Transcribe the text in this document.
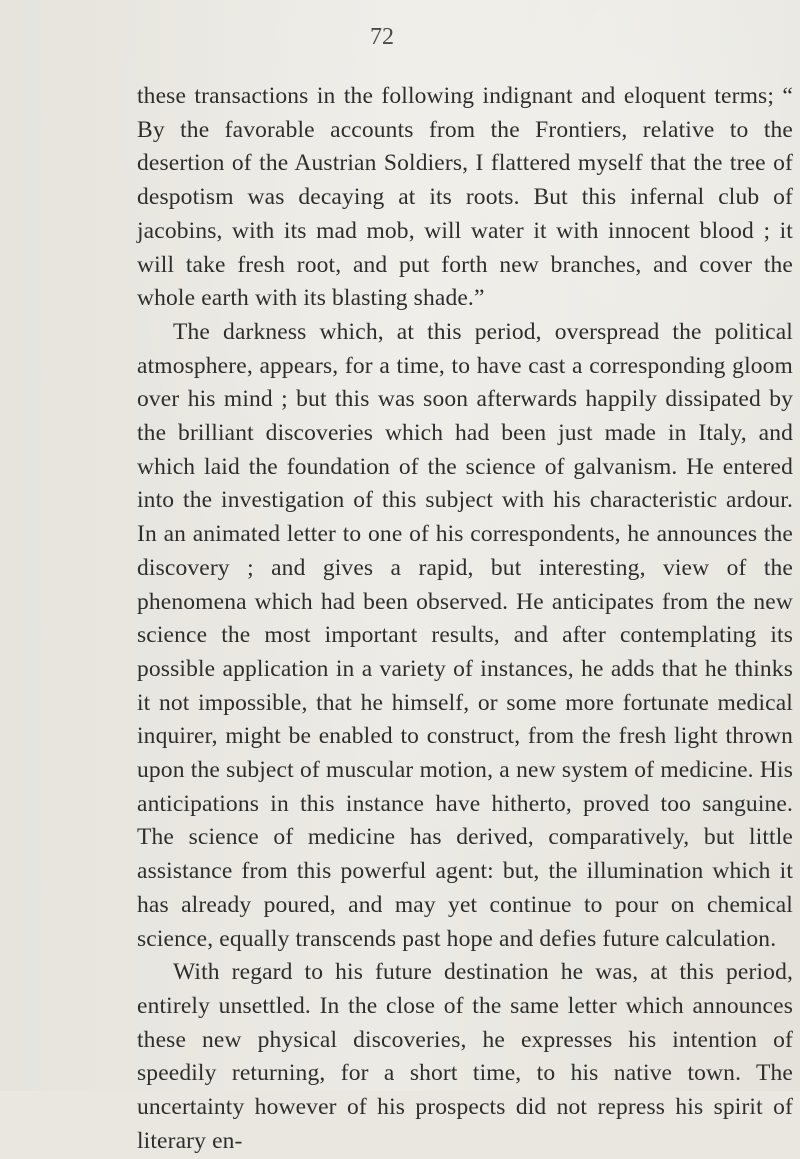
72

these transactions in the following indignant and eloquent terms; “ By the favorable accounts from the Frontiers, relative to the desertion of the Austrian Soldiers, I flattered myself that the tree of despotism was decaying at its roots. But this infernal club of jacobins, with its mad mob, will water it with innocent blood ; it will take fresh root, and put forth new branches, and cover the whole earth with its blasting shade.”

The darkness which, at this period, overspread the political atmosphere, appears, for a time, to have cast a corresponding gloom over his mind ; but this was soon afterwards happily dissipated by the brilliant discoveries which had been just made in Italy, and which laid the foundation of the science of galvanism. He entered into the investigation of this subject with his characteristic ardour. In an animated letter to one of his correspondents, he announces the discovery ; and gives a rapid, but interesting, view of the phenomena which had been observed. He anticipates from the new science the most important results, and after contemplating its possible application in a variety of instances, he adds that he thinks it not impossible, that he himself, or some more fortunate medical inquirer, might be enabled to construct, from the fresh light thrown upon the subject of muscular motion, a new system of medicine. His anticipations in this instance have hitherto, proved too sanguine. The science of medicine has derived, comparatively, but little assistance from this powerful agent: but, the illumination which it has already poured, and may yet continue to pour on chemical science, equally transcends past hope and defies future calculation.

With regard to his future destination he was, at this period, entirely unsettled. In the close of the same letter which announces these new physical discoveries, he expresses his intention of speedily returning, for a short time, to his native town. The uncertainty however of his prospects did not repress his spirit of literary en-
